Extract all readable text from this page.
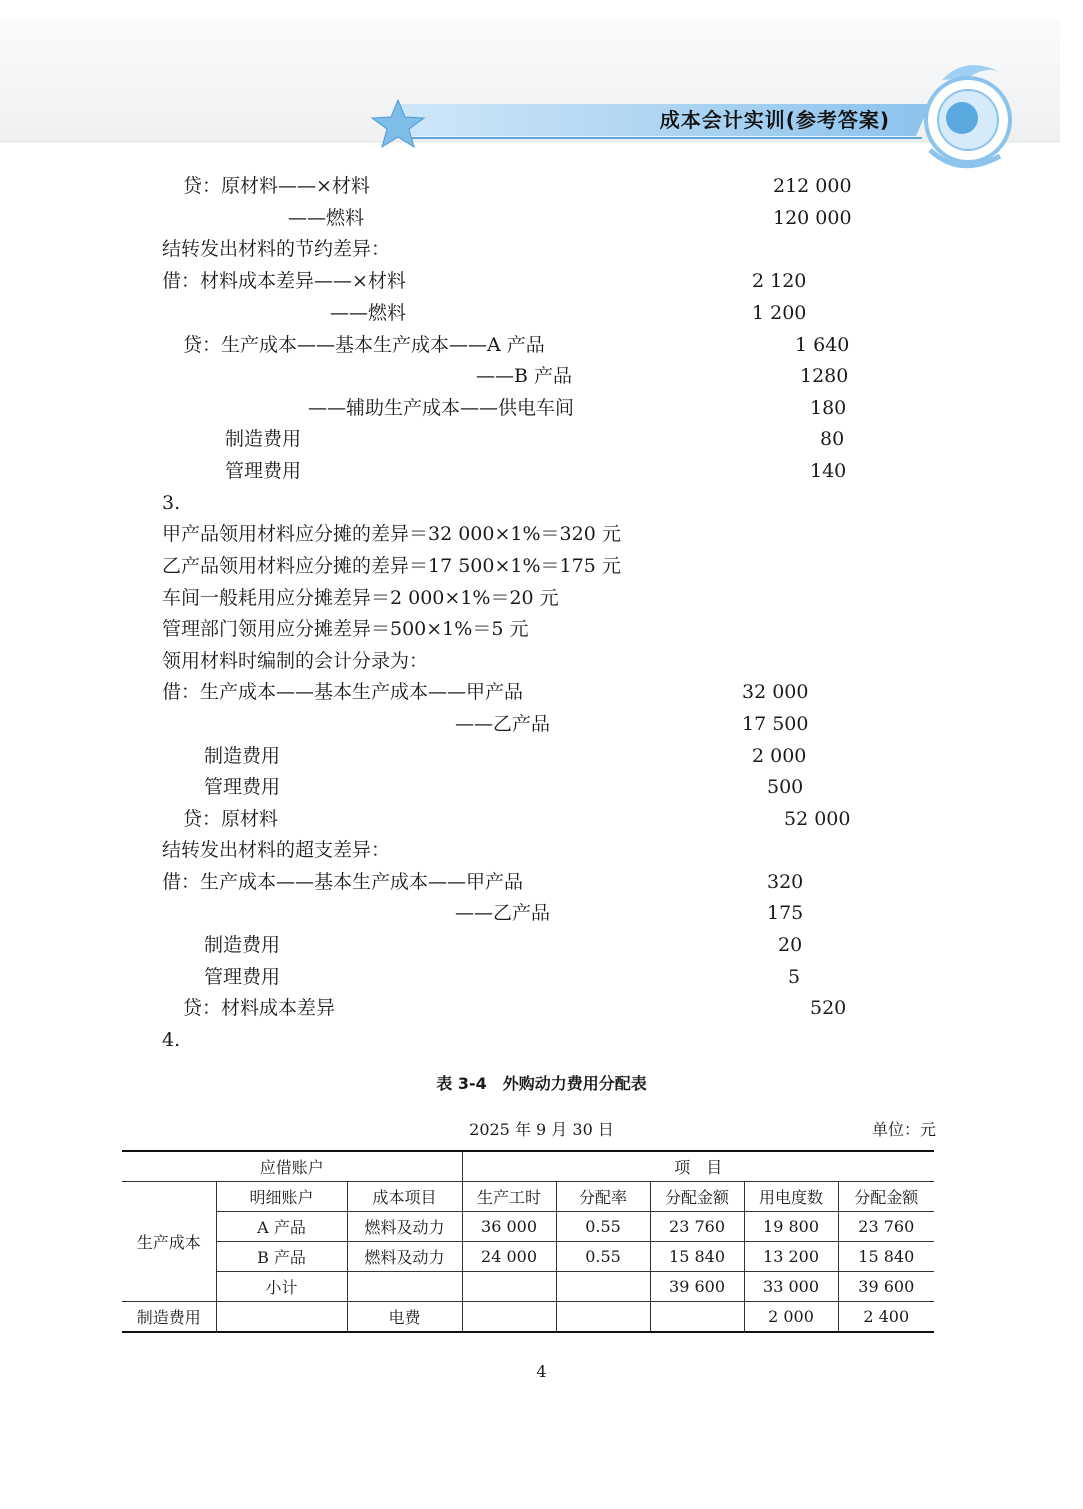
成本会计实训(参考答案)
贷：原材料——×材料	212 000
——燃料	120 000
结转发出材料的节约差异：
借：材料成本差异——×材料	2 120
——燃料	1 200
贷：生产成本——基本生产成本——A 产品	1 640
——B 产品	1280
——辅助生产成本——供电车间	180
制造费用	80
管理费用	140
3.
甲产品领用材料应分摊的差异＝32 000×1%＝320 元
乙产品领用材料应分摊的差异＝17 500×1%＝175 元
车间一般耗用应分摊差异＝2 000×1%＝20 元
管理部门领用应分摊差异＝500×1%＝5 元
领用材料时编制的会计分录为：
借：生产成本——基本生产成本——甲产品	32 000
——乙产品	17 500
制造费用	2 000
管理费用	500
贷：原材料	52 000
结转发出材料的超支差异：
借：生产成本——基本生产成本——甲产品	320
——乙产品	175
制造费用	20
管理费用	5
贷：材料成本差异	520
4.
表 3-4　外购动力费用分配表
2025 年 9 月 30 日	单位：元
应借账户			项　目				
生产成本	明细账户	成本项目	生产工时	分配率	分配金额	用电度数	分配金额
	A 产品	燃料及动力	36 000	0.55	23 760	19 800	23 760
	B 产品	燃料及动力	24 000	0.55	15 840	13 200	15 840
	小计				39 600	33 000	39 600
制造费用		电费				2 000	2 400
4
